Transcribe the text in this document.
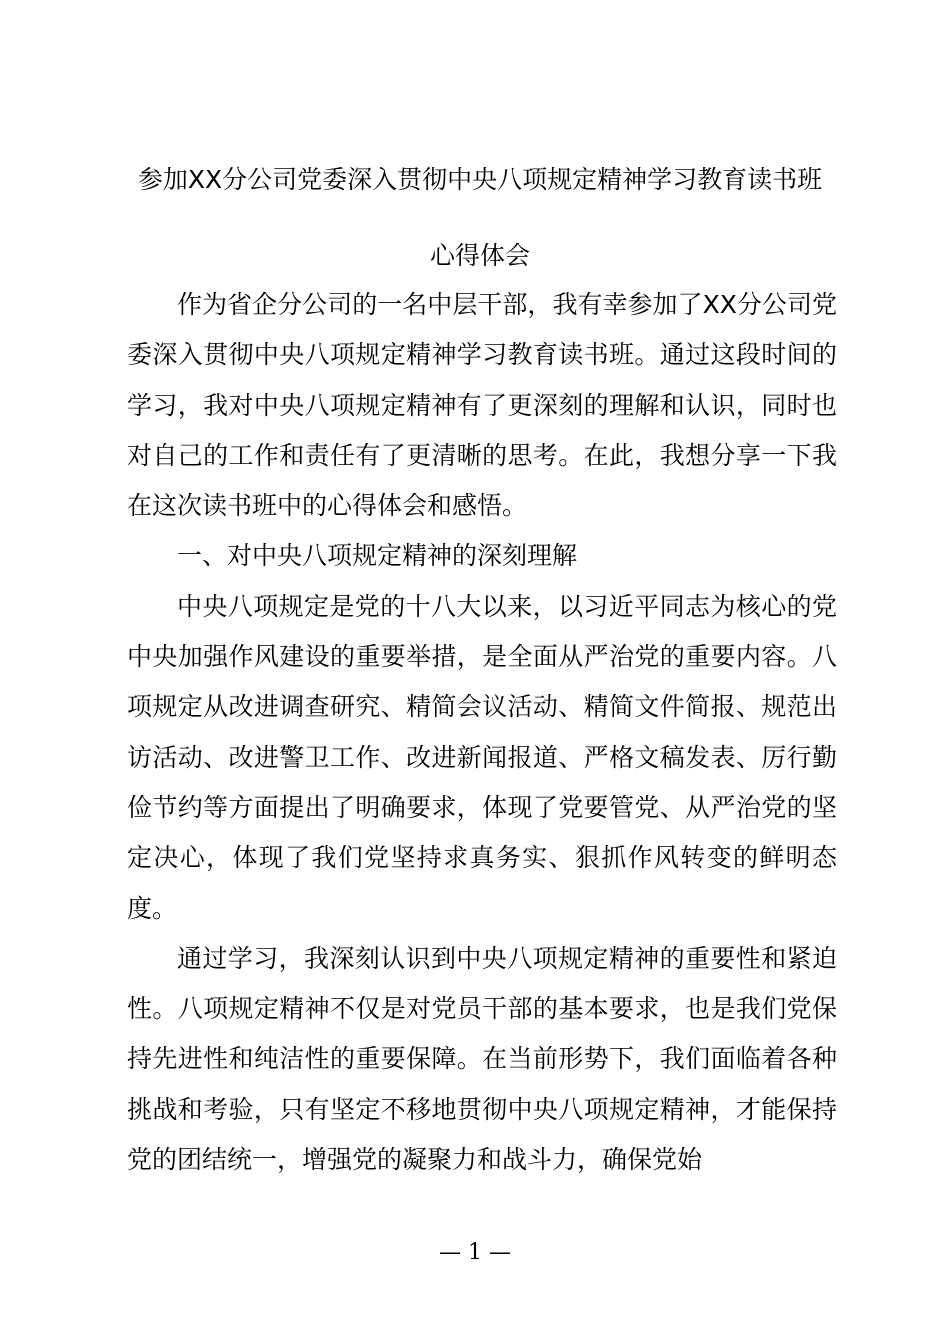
参加XX分公司党委深入贯彻中央八项规定精神学习教育读书班
心得体会

作为省企分公司的一名中层干部，我有幸参加了XX分公司党委深入贯彻中央八项规定精神学习教育读书班。通过这段时间的学习，我对中央八项规定精神有了更深刻的理解和认识，同时也对自己的工作和责任有了更清晰的思考。在此，我想分享一下我在这次读书班中的心得体会和感悟。

一、对中央八项规定精神的深刻理解

中央八项规定是党的十八大以来，以习近平同志为核心的党中央加强作风建设的重要举措，是全面从严治党的重要内容。八项规定从改进调查研究、精简会议活动、精简文件简报、规范出访活动、改进警卫工作、改进新闻报道、严格文稿发表、厉行勤俭节约等方面提出了明确要求，体现了党要管党、从严治党的坚定决心，体现了我们党坚持求真务实、狠抓作风转变的鲜明态度。

通过学习，我深刻认识到中央八项规定精神的重要性和紧迫性。八项规定精神不仅是对党员干部的基本要求，也是我们党保持先进性和纯洁性的重要保障。在当前形势下，我们面临着各种挑战和考验，只有坚定不移地贯彻中央八项规定精神，才能保持党的团结统一，增强党的凝聚力和战斗力，确保党始

— 1 —
